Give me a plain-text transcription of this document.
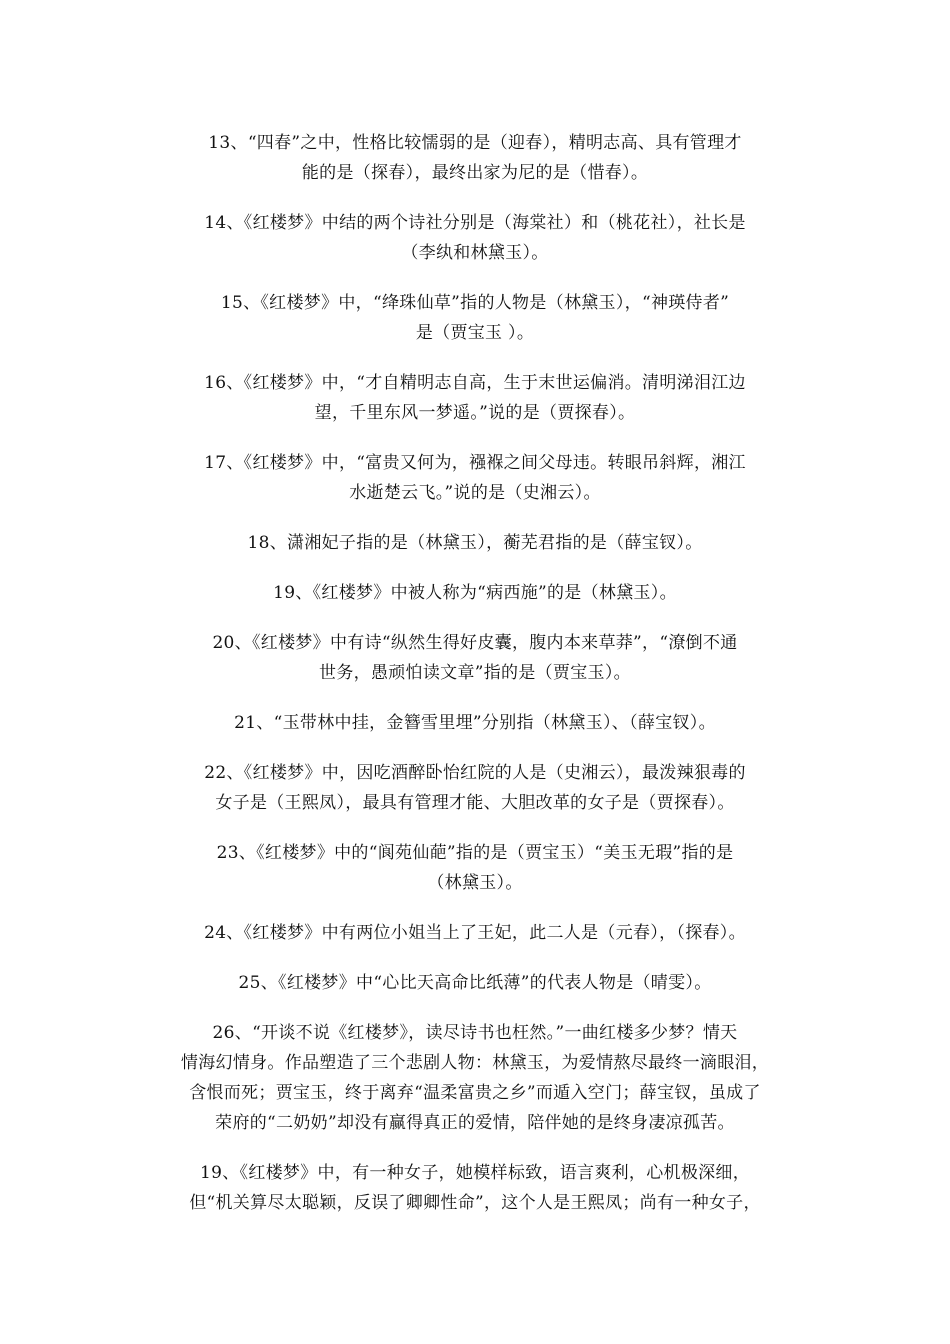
13、“四春”之中，性格比较懦弱的是（迎春），精明志高、具有管理才
能的是（探春），最终出家为尼的是（惜春）。

14、《红楼梦》中结的两个诗社分别是（海棠社）和（桃花社），社长是
（李纨和林黛玉）。

15、《红楼梦》中，“绛珠仙草”指的人物是（林黛玉），“神瑛侍者”
是（贾宝玉 ）。

16、《红楼梦》中，“才自精明志自高，生于末世运偏消。清明涕泪江边
望，千里东风一梦遥。”说的是（贾探春）。

17、《红楼梦》中，“富贵又何为，襁褓之间父母违。转眼吊斜辉，湘江
水逝楚云飞。”说的是（史湘云）。

18、潇湘妃子指的是（林黛玉），蘅芜君指的是（薛宝钗）。

19、《红楼梦》中被人称为“病西施”的是（林黛玉）。

20、《红楼梦》中有诗“纵然生得好皮囊，腹内本来草莽”，“潦倒不通
世务，愚顽怕读文章”指的是（贾宝玉）。

21、“玉带林中挂，金簪雪里埋”分别指（林黛玉）、（薛宝钗）。

22、《红楼梦》中，因吃酒醉卧怡红院的人是（史湘云），最泼辣狠毒的
女子是（王熙凤），最具有管理才能、大胆改革的女子是（贾探春）。

23、《红楼梦》中的“阆苑仙葩”指的是（贾宝玉）“美玉无瑕”指的是
（林黛玉）。

24、《红楼梦》中有两位小姐当上了王妃，此二人是（元春），（探春）。

25、《红楼梦》中“心比天高命比纸薄”的代表人物是（晴雯）。

26、“开谈不说《红楼梦》，读尽诗书也枉然。”一曲红楼多少梦？情天
情海幻情身。作品塑造了三个悲剧人物：林黛玉，为爱情熬尽最终一滴眼泪，
含恨而死；贾宝玉，终于离弃“温柔富贵之乡”而遁入空门；薛宝钗，虽成了
荣府的“二奶奶”却没有赢得真正的爱情，陪伴她的是终身凄凉孤苦。

19、《红楼梦》中，有一种女子，她模样标致，语言爽利，心机极深细，
但“机关算尽太聪颖，反误了卿卿性命”，这个人是王熙凤；尚有一种女子，
